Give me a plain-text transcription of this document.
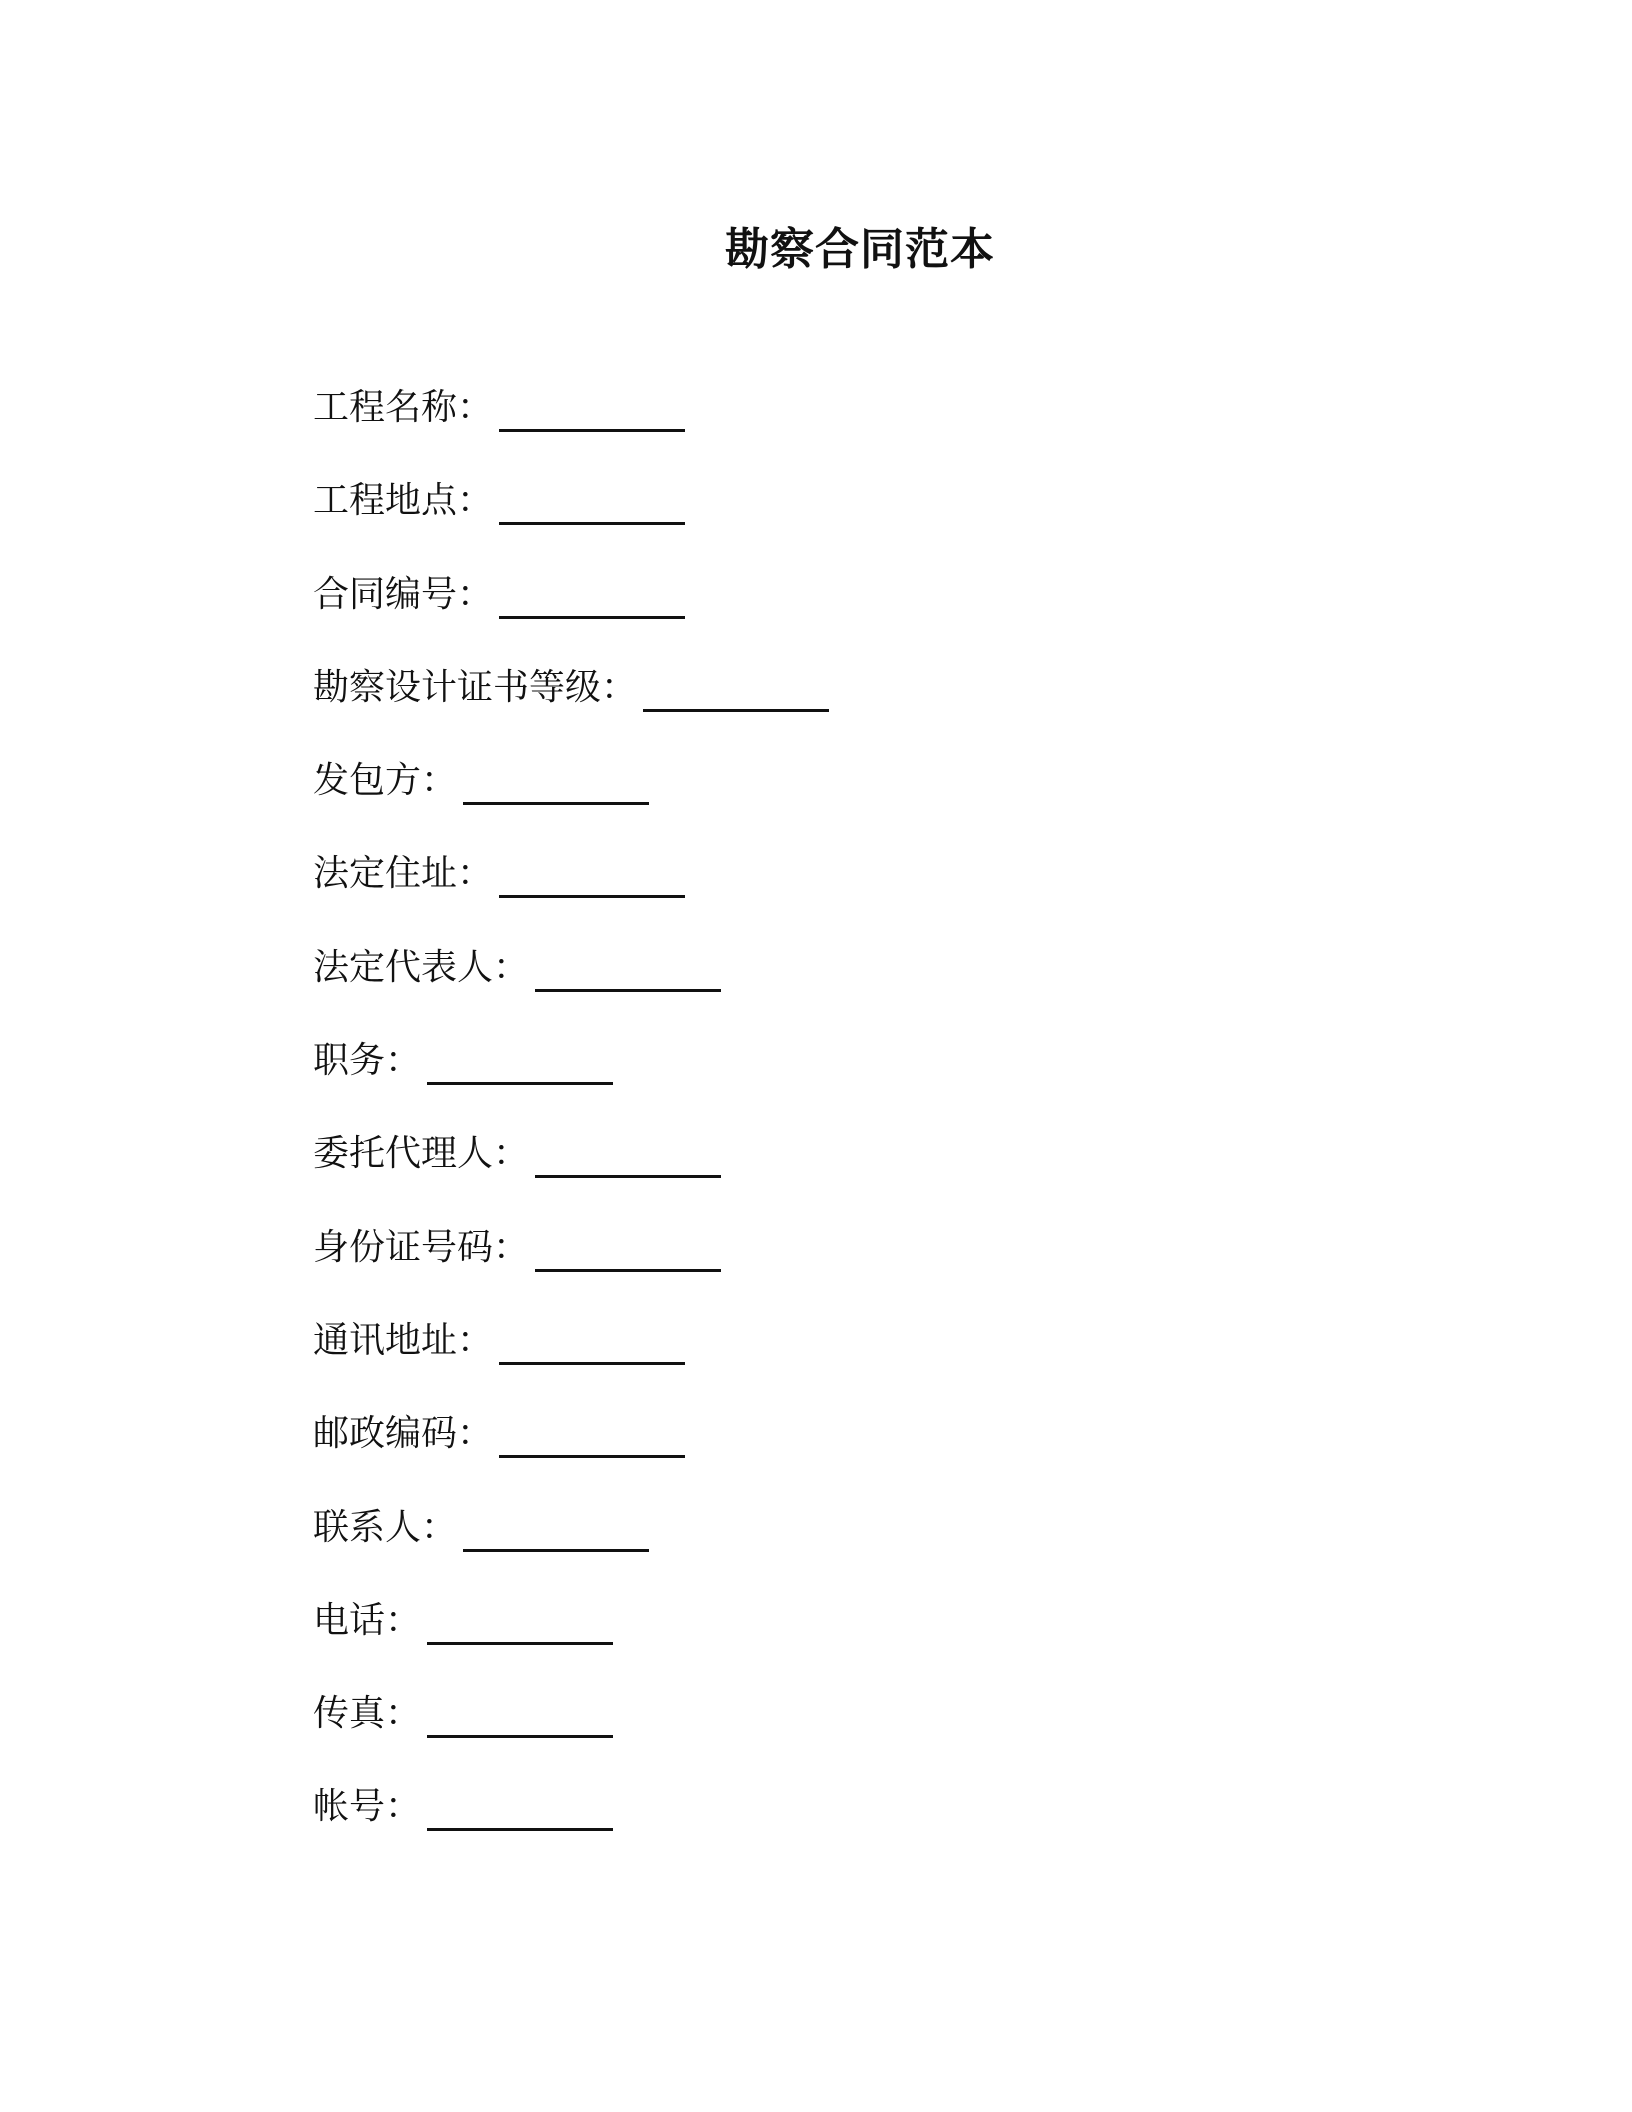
勘察合同范本
工程名称：
工程地点：
合同编号：
勘察设计证书等级：
发包方：
法定住址：
法定代表人：
职务：
委托代理人：
身份证号码：
通讯地址：
邮政编码：
联系人：
电话：
传真：
帐号：
